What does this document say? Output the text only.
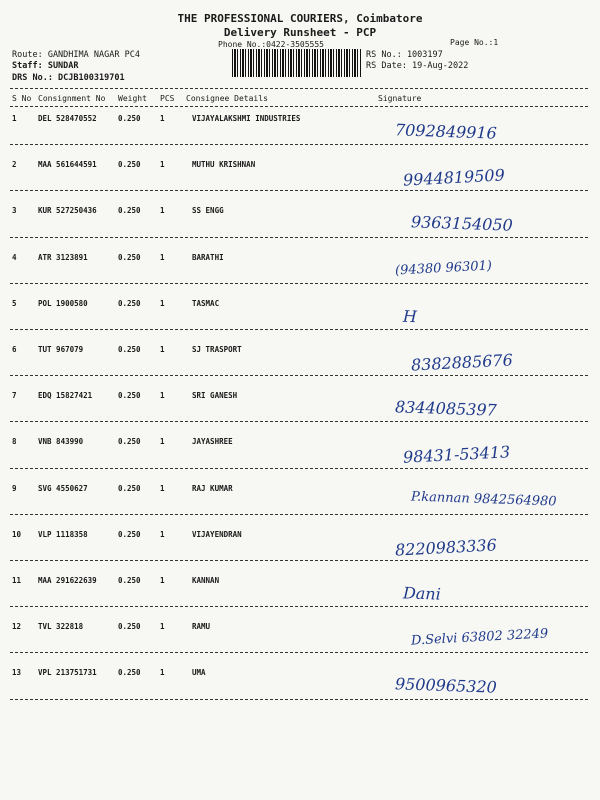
THE PROFESSIONAL COURIERS, Coimbatore
Delivery Runsheet - PCP
Phone No.:0422-3505555	Page No.:1
Route: GANDHIMA NAGAR PC4
Staff: SUNDAR
DRS No.: DCJB100319701
RS No.: 1003197
RS Date: 19-Aug-2022
S No Consignment No Weight PCS Consignee Details	Signature
1	DEL 528470552	0.250	1	VIJAYALAKSHMI INDUSTRIES
7092849916
2	MAA 561644591	0.250	1	MUTHU KRISHNAN
9944819509
3	KUR 527250436	0.250	1	SS ENGG
9363154050
4	ATR 3123891	0.250	1	BARATHI
(94380 96301)
5	POL 1900580	0.250	1	TASMAC
H
6	TUT 967079	0.250	1	SJ TRASPORT
8382885676
7	EDQ 15827421	0.250	1	SRI GANESH
8344085397
8	VNB 843990	0.250	1	JAYASHREE
98431-53413
9	SVG 4550627	0.250	1	RAJ KUMAR
P.kannan 9842564980
10 VLP 1118358	0.250	1	VIJAYENDRAN
8220983336
11 MAA 291622639	0.250	1	KANNAN
Dani
12 TVL 322818	0.250	1	RAMU	D.Selvi 63802 32249
13 VPL 213751731	0.250	1	UMA
9500965320
